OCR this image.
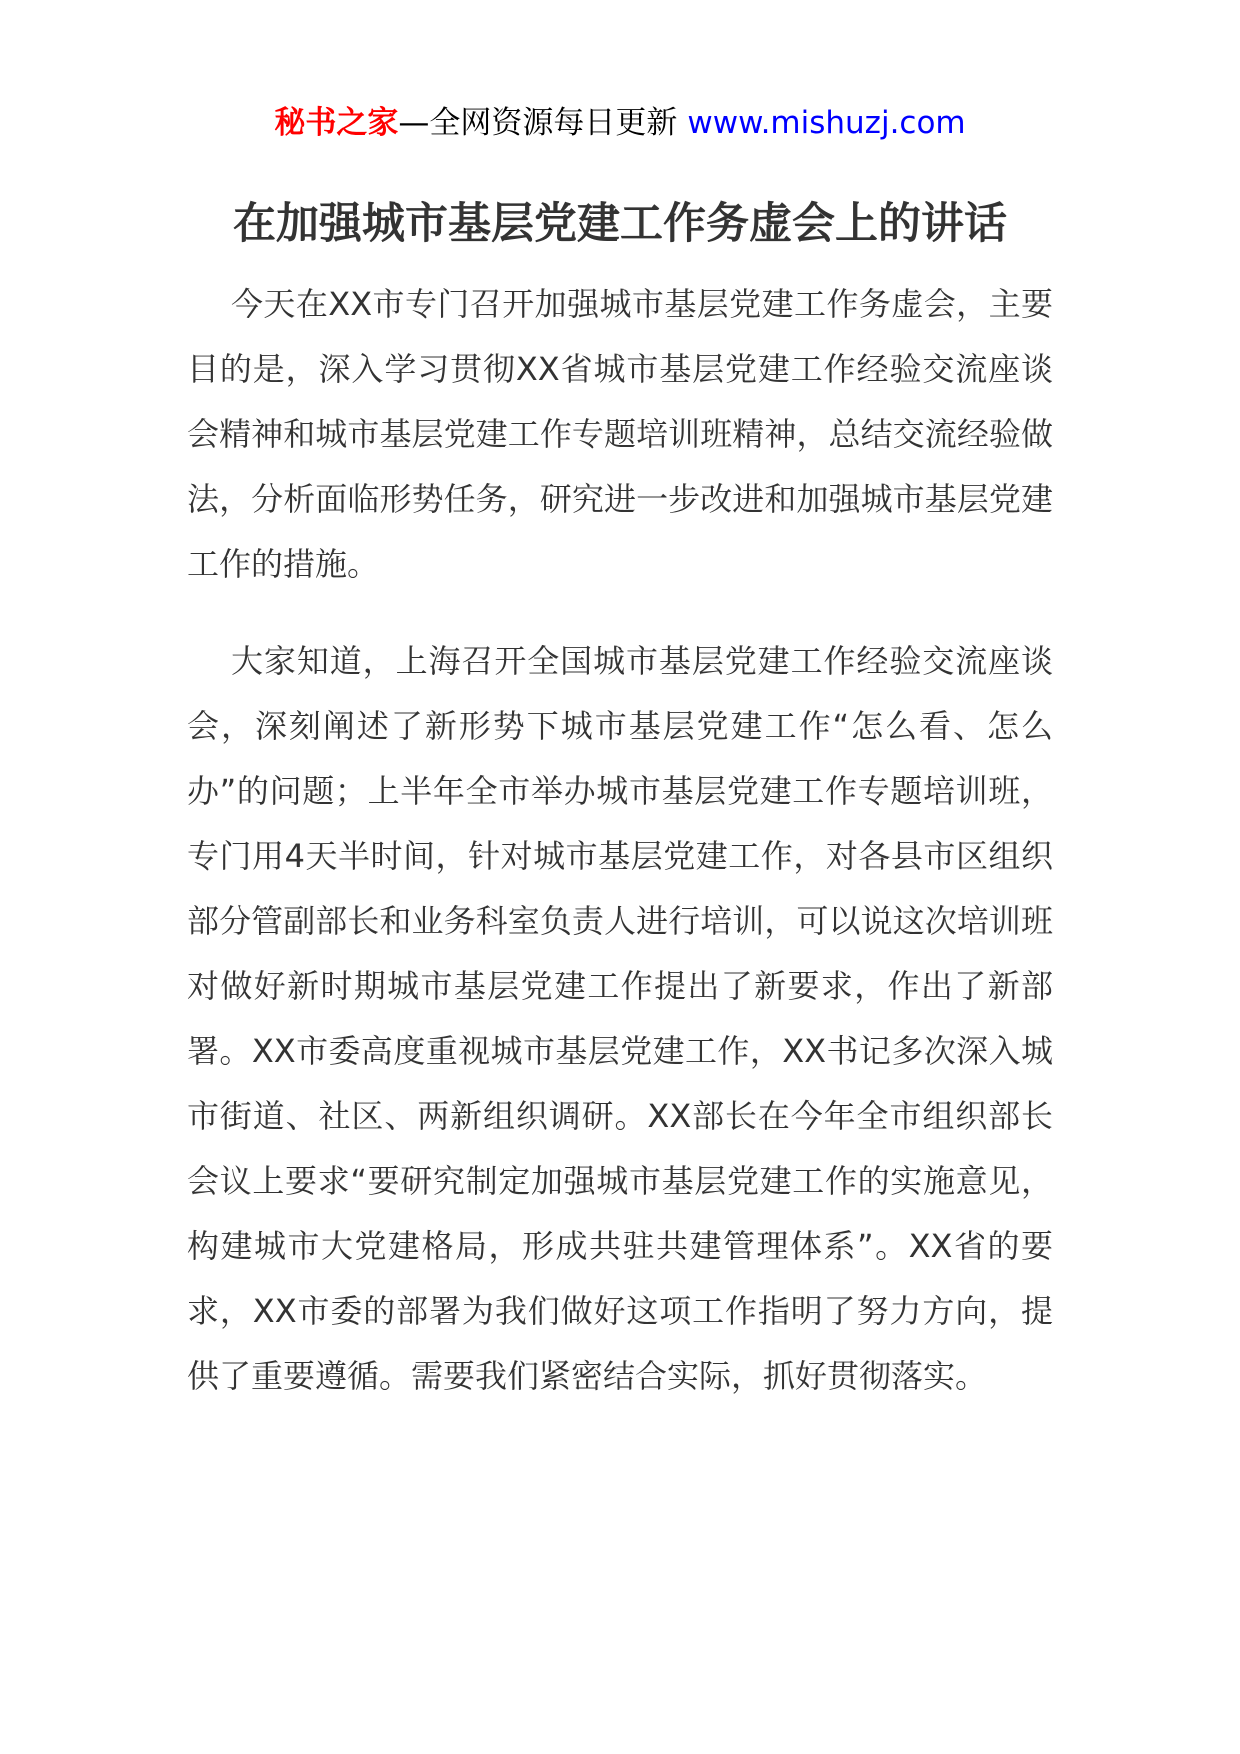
秘书之家—全网资源每日更新 www.mishuzj.com
在加强城市基层党建工作务虚会上的讲话

今天在XX市专门召开加强城市基层党建工作务虚会，主要目的是，深入学习贯彻XX省城市基层党建工作经验交流座谈会精神和城市基层党建工作专题培训班精神，总结交流经验做法，分析面临形势任务，研究进一步改进和加强城市基层党建工作的措施。

大家知道，上海召开全国城市基层党建工作经验交流座谈会，深刻阐述了新形势下城市基层党建工作“怎么看、怎么办”的问题；上半年全市举办城市基层党建工作专题培训班，专门用4天半时间，针对城市基层党建工作，对各县市区组织部分管副部长和业务科室负责人进行培训，可以说这次培训班对做好新时期城市基层党建工作提出了新要求，作出了新部署。XX市委高度重视城市基层党建工作，XX书记多次深入城市街道、社区、两新组织调研。XX部长在今年全市组织部长会议上要求“要研究制定加强城市基层党建工作的实施意见，构建城市大党建格局，形成共驻共建管理体系”。XX省的要求，XX市委的部署为我们做好这项工作指明了努力方向，提供了重要遵循。需要我们紧密结合实际，抓好贯彻落实。
